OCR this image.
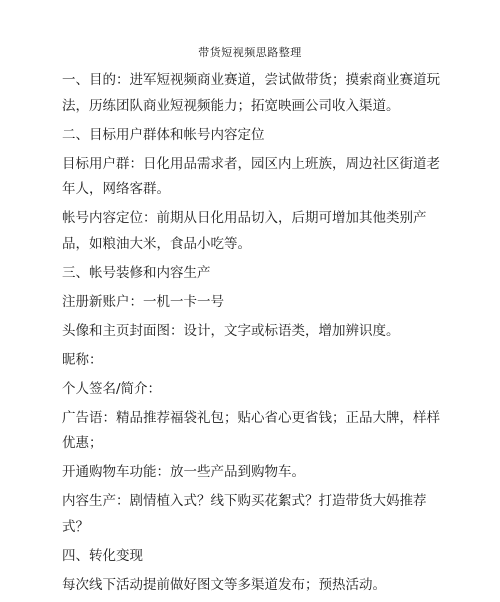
带货短视频思路整理

一、目的：进军短视频商业赛道，尝试做带货；摸索商业赛道玩法，历练团队商业短视频能力；拓宽映画公司收入渠道。

二、目标用户群体和帐号内容定位

目标用户群：日化用品需求者，园区内上班族，周边社区街道老年人，网络客群。

帐号内容定位：前期从日化用品切入，后期可增加其他类别产品，如粮油大米，食品小吃等。

三、帐号装修和内容生产

注册新账户：一机一卡一号

头像和主页封面图：设计，文字或标语类，增加辨识度。

昵称：

个人签名/简介：

广告语：精品推荐福袋礼包；贴心省心更省钱；正品大牌，样样优惠；

开通购物车功能：放一些产品到购物车。

内容生产：剧情植入式？线下购买花絮式？打造带货大妈推荐式？

四、转化变现

每次线下活动提前做好图文等多渠道发布；预热活动。
